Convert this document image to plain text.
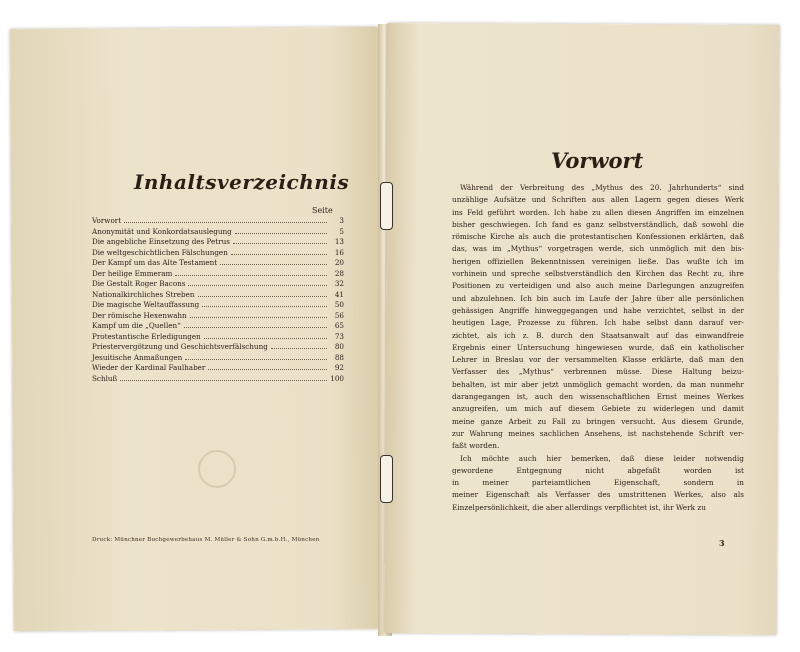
Inhaltsverzeichnis
Seite
Vorwort	3
Anonymität und Konkordatsauslegung	5
Die angebliche Einsetzung des Petrus	13
Die weltgeschichtlichen Fälschungen	16
Der Kampf um das Alte Testament	20
Der heilige Emmeram	28
Die Gestalt Roger Bacons	32
Nationalkirchliches Streben	41
Die magische Weltauffassung	50
Der römische Hexenwahn	56
Kampf um die „Quellen“	65
Protestantische Erledigungen	73
Priestervergötzung und Geschichtsverfälschung	80
Jesuitische Anmaßungen	88
Wieder der Kardinal Faulhaber	92
Schluß	100
Druck: Münchner Buchgewerbehaus M. Müller & Sohn G.m.b.H., München
Vorwort
Während der Verbreitung des „Mythus des 20. Jahrhunderts“ sind
unzählige Aufsätze und Schriften aus allen Lagern gegen dieses Werk
ins Feld geführt worden. Ich habe zu allen diesen Angriffen im einzelnen
bisher geschwiegen. Ich fand es ganz selbstverständlich, daß sowohl die
römische Kirche als auch die protestantischen Konfessionen erklärten, daß
das, was im „Mythus“ vorgetragen werde, sich unmöglich mit den bis-
herigen offiziellen Bekenntnissen vereinigen ließe. Das wußte ich im
vorhinein und spreche selbstverständlich den Kirchen das Recht zu, ihre
Positionen zu verteidigen und also auch meine Darlegungen anzugreifen
und abzulehnen. Ich bin auch im Laufe der Jahre über alle persönlichen
gehässigen Angriffe hinweggegangen und habe verzichtet, selbst in der
heutigen Lage, Prozesse zu führen. Ich habe selbst dann darauf ver-
zichtet, als ich z. B. durch den Staatsanwalt auf das einwandfreie
Ergebnis einer Untersuchung hingewiesen wurde, daß ein katholischer
Lehrer in Breslau vor der versammelten Klasse erklärte, daß man den
Verfasser des „Mythus“ verbrennen müsse. Diese Haltung beizu-
behalten, ist mir aber jetzt unmöglich gemacht worden, da man nunmehr
darangegangen ist, auch den wissenschaftlichen Ernst meines Werkes
anzugreifen, um mich auf diesem Gebiete zu widerlegen und damit
meine ganze Arbeit zu Fall zu bringen versucht. Aus diesem Grunde,
zur Wahrung meines sachlichen Ansehens, ist nachstehende Schrift ver-
faßt worden.
Ich möchte auch hier bemerken, daß diese leider notwendig
gewordene	Entgegnung	nicht	abgefaßt	worden	ist
in	meiner	parteiamtlichen	Eigenschaft,	sondern	in
meiner Eigenschaft als Verfasser des umstrittenen Werkes, also als
Einzelpersönlichkeit, die aber allerdings verpflichtet ist, ihr Werk zu
3
